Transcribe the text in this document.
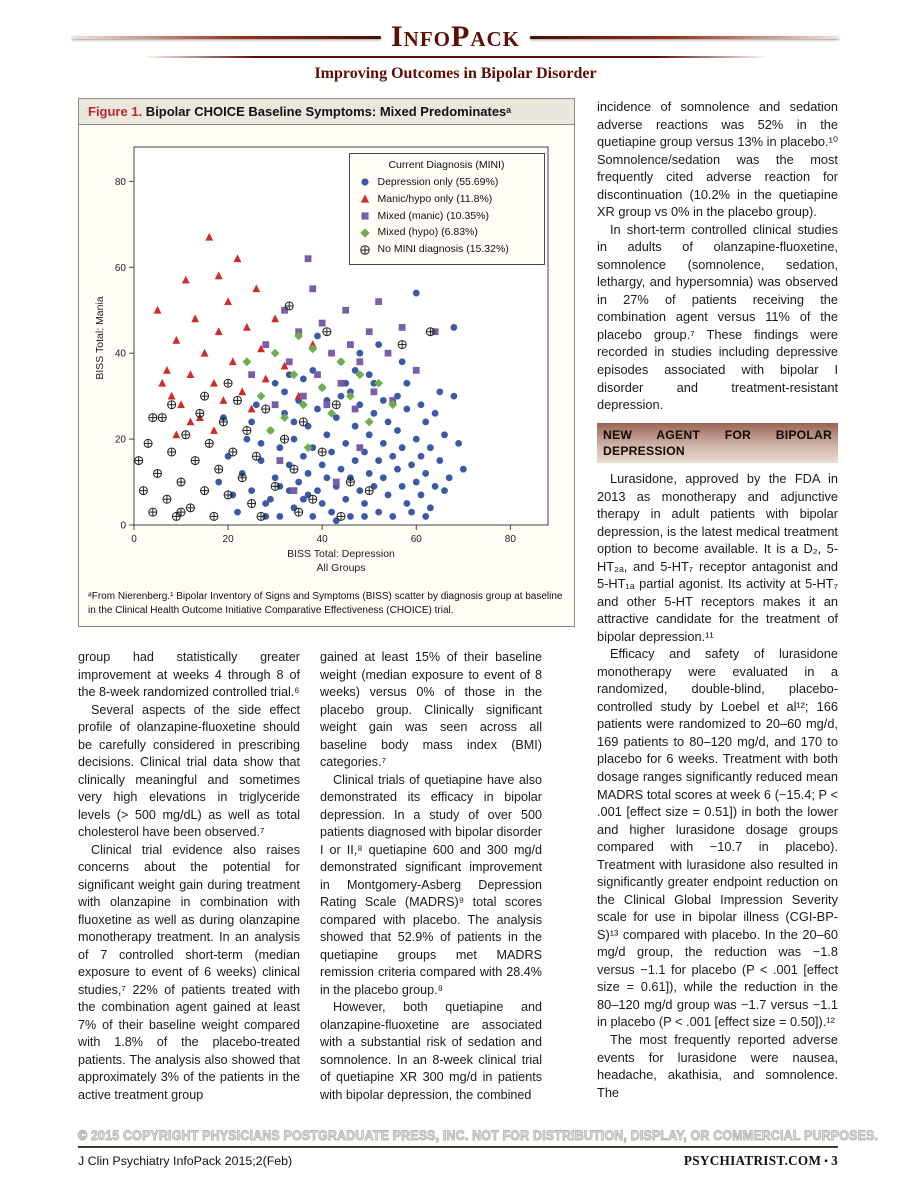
InfoPack
Improving Outcomes in Bipolar Disorder
Figure 1. Bipolar CHOICE Baseline Symptoms: Mixed Predominatesᵃ
0	20	40	60	80
0
20
40
60
80
BISS Total: Mania
BISS Total: Depression
All Groups
Current Diagnosis (MINI)
Depression only (55.69%)
Manic/hypo only (11.8%)
Mixed (manic) (10.35%)
Mixed (hypo) (6.83%)
No MINI diagnosis (15.32%)
ᵃFrom Nierenberg.¹ Bipolar Inventory of Signs and Symptoms (BISS) scatter by diagnosis group at baseline in the Clinical Health Outcome Initiative Comparative Effectiveness (CHOICE) trial.

group had statistically greater improvement at weeks 4 through 8 of the 8-week randomized controlled trial.⁶

Several aspects of the side effect profile of olanzapine-fluoxetine should be carefully considered in prescribing decisions. Clinical trial data show that clinically meaningful and sometimes very high elevations in triglyceride levels (> 500 mg/dL) as well as total cholesterol have been observed.⁷

Clinical trial evidence also raises concerns about the potential for significant weight gain during treatment with olanzapine in combination with fluoxetine as well as during olanzapine monotherapy treatment. In an analysis of 7 controlled short-term (median exposure to event of 6 weeks) clinical studies,⁷ 22% of patients treated with the combination agent gained at least 7% of their baseline weight compared with 1.8% of the placebo-treated patients. The analysis also showed that approximately 3% of the patients in the active treatment group

gained at least 15% of their baseline weight (median exposure to event of 8 weeks) versus 0% of those in the placebo group. Clinically significant weight gain was seen across all baseline body mass index (BMI) categories.⁷

Clinical trials of quetiapine have also demonstrated its efficacy in bipolar depression. In a study of over 500 patients diagnosed with bipolar disorder I or II,⁸ quetiapine 600 and 300 mg/d demonstrated significant improvement in Montgomery-Asberg Depression Rating Scale (MADRS)⁹ total scores compared with placebo. The analysis showed that 52.9% of patients in the quetiapine groups met MADRS remission criteria compared with 28.4% in the placebo group.⁸

However, both quetiapine and olanzapine-fluoxetine are associated with a substantial risk of sedation and somnolence. In an 8-week clinical trial of quetiapine XR 300 mg/d in patients with bipolar depression, the combined

incidence of somnolence and sedation adverse reactions was 52% in the quetiapine group versus 13% in placebo.¹⁰ Somnolence/sedation was the most frequently cited adverse reaction for discontinuation (10.2% in the quetiapine XR group vs 0% in the placebo group).

In short-term controlled clinical studies in adults of olanzapine-fluoxetine, somnolence (somnolence, sedation, lethargy, and hypersomnia) was observed in 27% of patients receiving the combination agent versus 11% of the placebo group.⁷ These findings were recorded in studies including depressive episodes associated with bipolar I disorder and treatment-resistant depression.

NEW AGENT FOR BIPOLAR DEPRESSION

Lurasidone, approved by the FDA in 2013 as monotherapy and adjunctive therapy in adult patients with bipolar depression, is the latest medical treatment option to become available. It is a D₂, 5-HT₂ₐ, and 5-HT₇ receptor antagonist and 5-HT₁ₐ partial agonist. Its activity at 5-HT₇ and other 5-HT receptors makes it an attractive candidate for the treatment of bipolar depression.¹¹

Efficacy and safety of lurasidone monotherapy were evaluated in a randomized, double-blind, placebo-controlled study by Loebel et al¹²; 166 patients were randomized to 20–60 mg/d, 169 patients to 80–120 mg/d, and 170 to placebo for 6 weeks. Treatment with both dosage ranges significantly reduced mean MADRS total scores at week 6 (−15.4; P < .001 [effect size = 0.51]) in both the lower and higher lurasidone dosage groups compared with −10.7 in placebo). Treatment with lurasidone also resulted in significantly greater endpoint reduction on the Clinical Global Impression Severity scale for use in bipolar illness (CGI-BP-S)¹³ compared with placebo. In the 20–60 mg/d group, the reduction was −1.8 versus −1.1 for placebo (P < .001 [effect size = 0.61]), while the reduction in the 80–120 mg/d group was −1.7 versus −1.1 in placebo (P < .001 [effect size = 0.50]).¹²

The most frequently reported adverse events for lurasidone were nausea, headache, akathisia, and somnolence. The

© 2015 COPYRIGHT PHYSICIANS POSTGRADUATE PRESS, INC. NOT FOR DISTRIBUTION, DISPLAY, OR COMMERCIAL PURPOSES.
J Clin Psychiatry InfoPack 2015;2(Feb)	PSYCHIATRIST.COM ▪ 3
